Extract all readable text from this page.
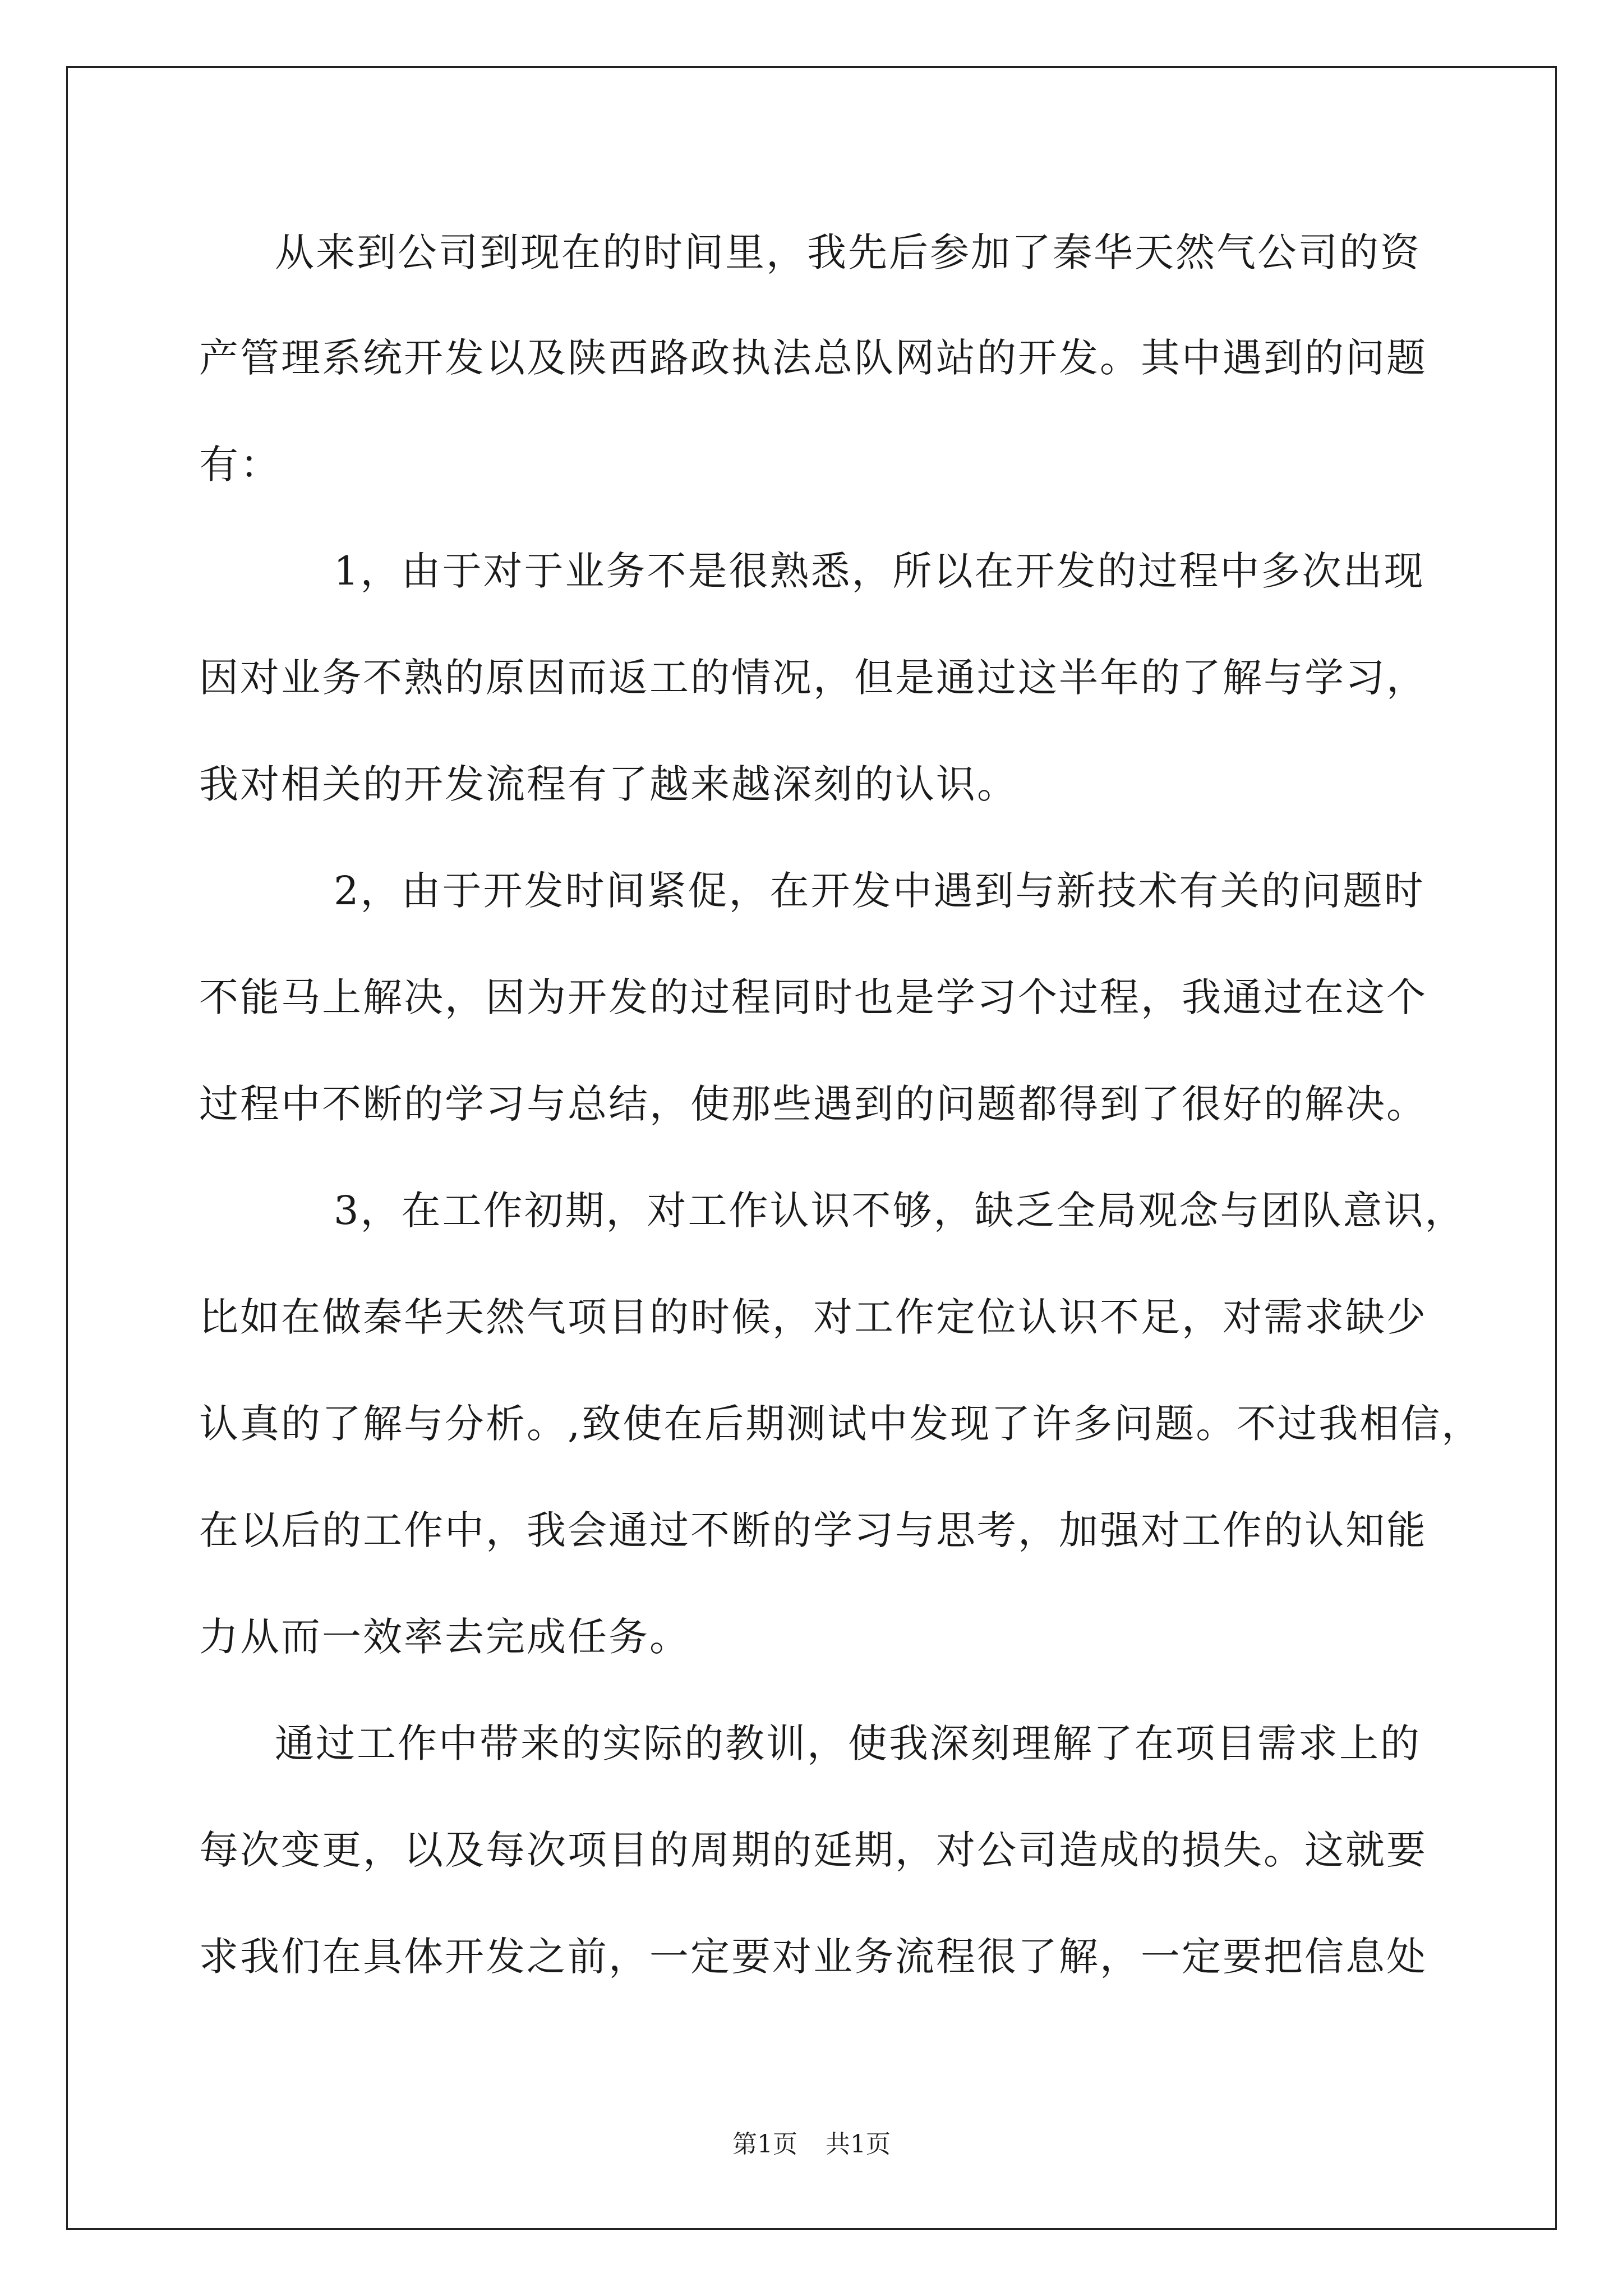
从来到公司到现在的时间里，我先后参加了秦华天然气公司的资
产管理系统开发以及陕西路政执法总队网站的开发。其中遇到的问题
有：
1，由于对于业务不是很熟悉，所以在开发的过程中多次出现
因对业务不熟的原因而返工的情况，但是通过这半年的了解与学习，
我对相关的开发流程有了越来越深刻的认识。
2，由于开发时间紧促，在开发中遇到与新技术有关的问题时
不能马上解决，因为开发的过程同时也是学习个过程，我通过在这个
过程中不断的学习与总结，使那些遇到的问题都得到了很好的解决。
3，在工作初期，对工作认识不够，缺乏全局观念与团队意识，
比如在做秦华天然气项目的时候，对工作定位认识不足，对需求缺少
认真的了解与分析。,致使在后期测试中发现了许多问题。不过我相信，
在以后的工作中，我会通过不断的学习与思考，加强对工作的认知能
力从而一效率去完成任务。
通过工作中带来的实际的教训，使我深刻理解了在项目需求上的
每次变更，以及每次项目的周期的延期，对公司造成的损失。这就要
求我们在具体开发之前，一定要对业务流程很了解，一定要把信息处
第1页 共1页
